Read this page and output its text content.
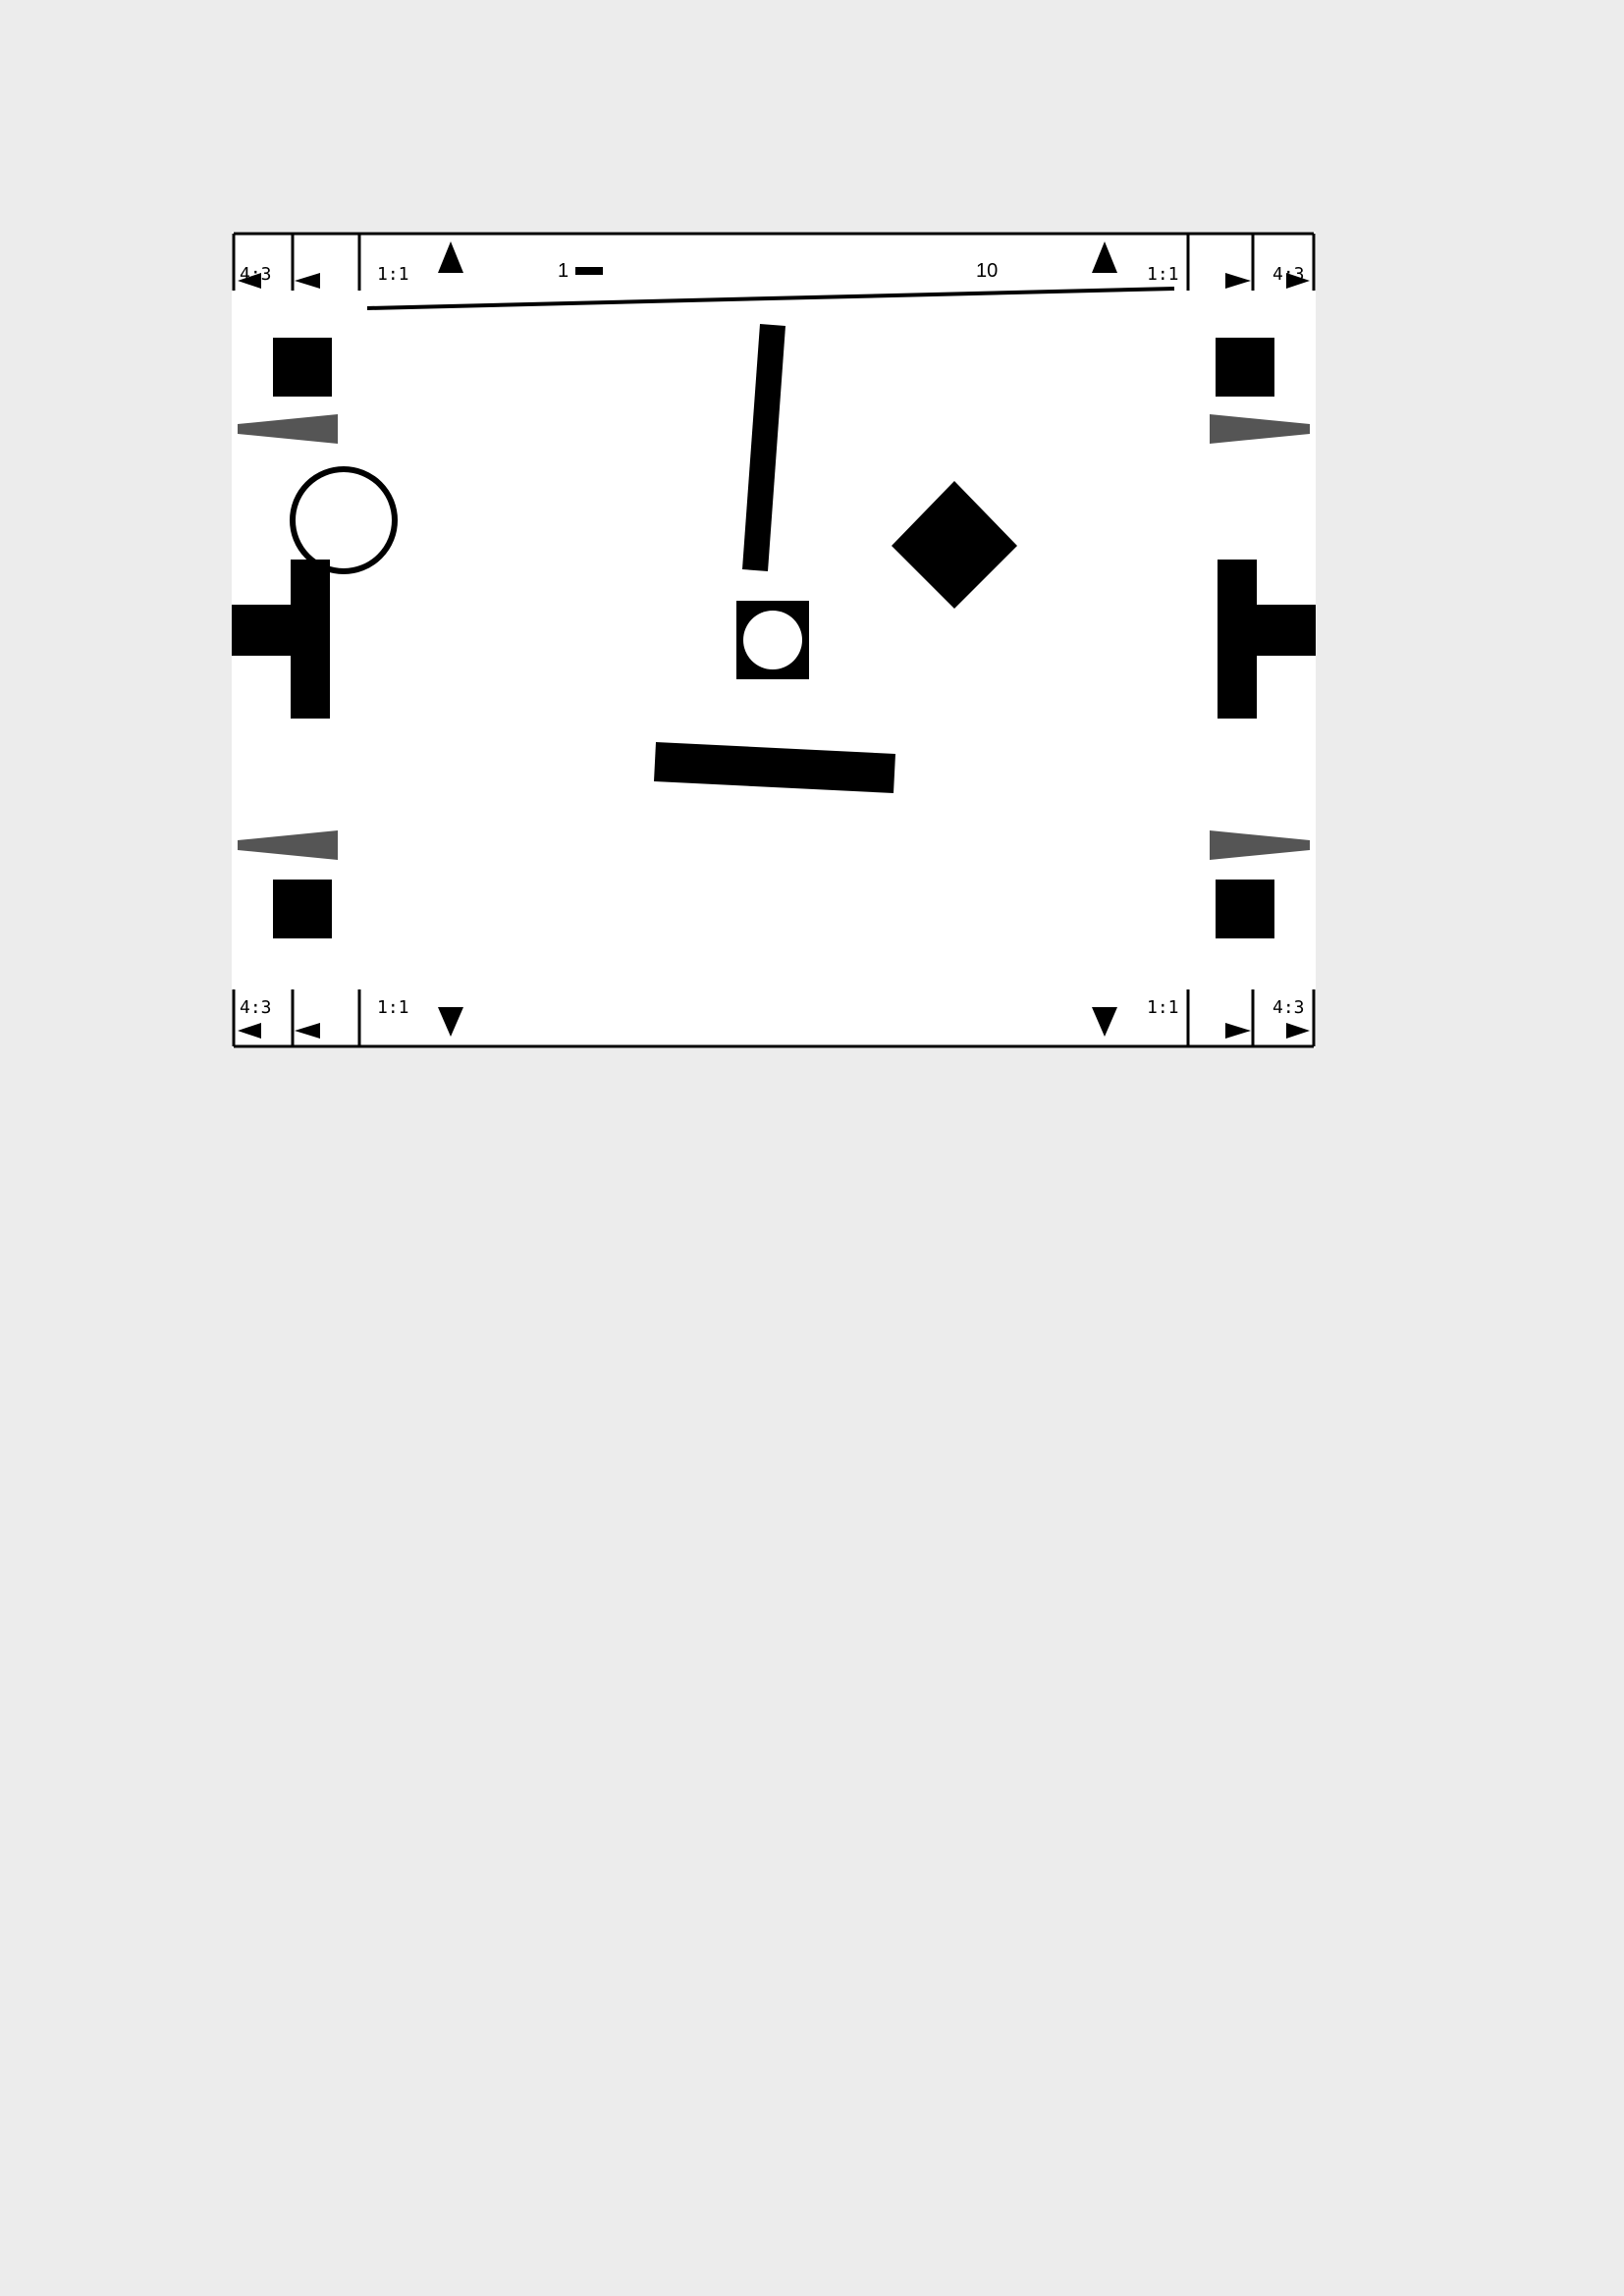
4:3	4:3
1:1	1:1
1	10
4:3	4:3
1:1	1:1
